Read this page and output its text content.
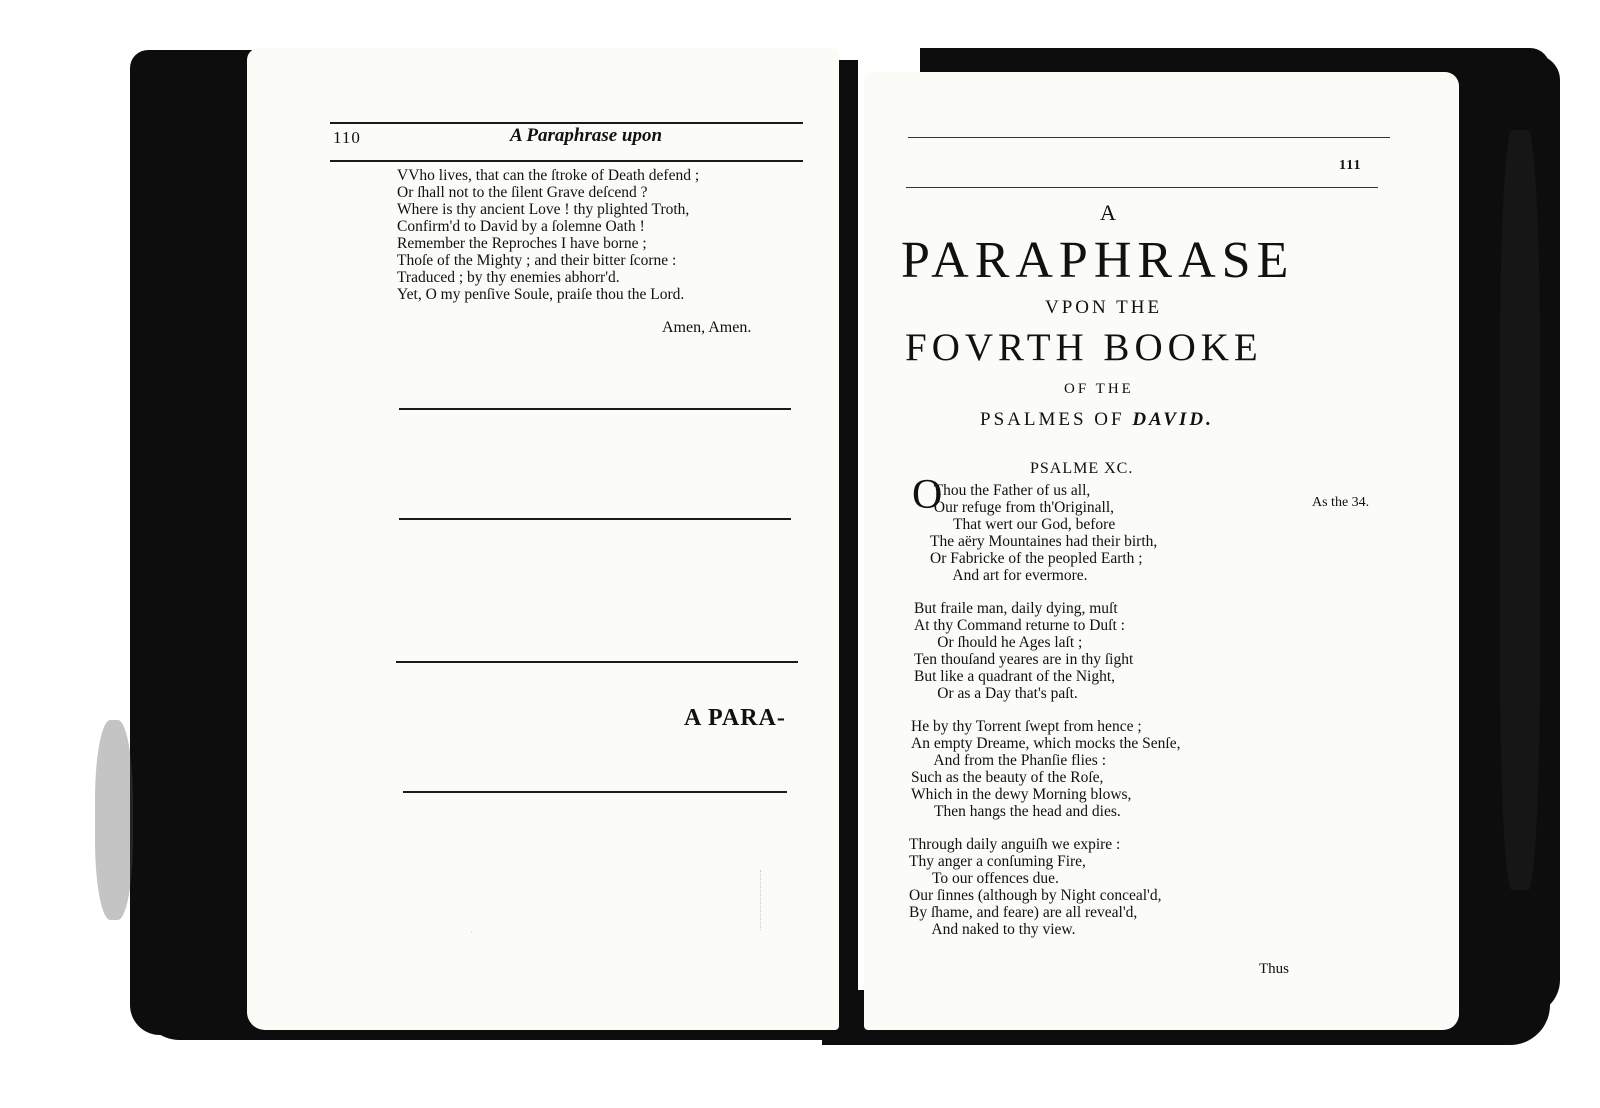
110	A Paraphrase upon
VVho lives, that can the ſtroke of Death defend ;
Or ſhall not to the ſilent Grave deſcend ?
Where is thy ancient Love ! thy plighted Troth,
Confirm'd to David by a ſolemne Oath !
Remember the Reproches I have borne ;
Thoſe of the Mighty ; and their bitter ſcorne :
Traduced ; by thy enemies abhorr'd.
Yet, O my penſive Soule, praiſe thou the Lord.
Amen, Amen.
A PARA-
·
111
A
PARAPHRASE
VPON THE
FOVRTH BOOKE
OF THE
PSALMES OF DAVID.
PSALME XC.
O	As the 34.
Thou the Father of us all,
Our refuge from th'Originall,
That wert our God, before
The aëry Mountaines had their birth,
Or Fabricke of the peopled Earth ;
And art for evermore.
But fraile man, daily dying, muſt
At thy Command returne to Duſt :
Or ſhould he Ages laſt ;
Ten thouſand yeares are in thy ſight
But like a quadrant of the Night,
Or as a Day that's paſt.
He by thy Torrent ſwept from hence ;
An empty Dreame, which mocks the Senſe,
And from the Phanſie flies :
Such as the beauty of the Roſe,
Which in the dewy Morning blows,
Then hangs the head and dies.
Through daily anguiſh we expire :
Thy anger a conſuming Fire,
To our offences due.
Our ſinnes (although by Night conceal'd,
By ſhame, and feare) are all reveal'd,
And naked to thy view.
Thus
